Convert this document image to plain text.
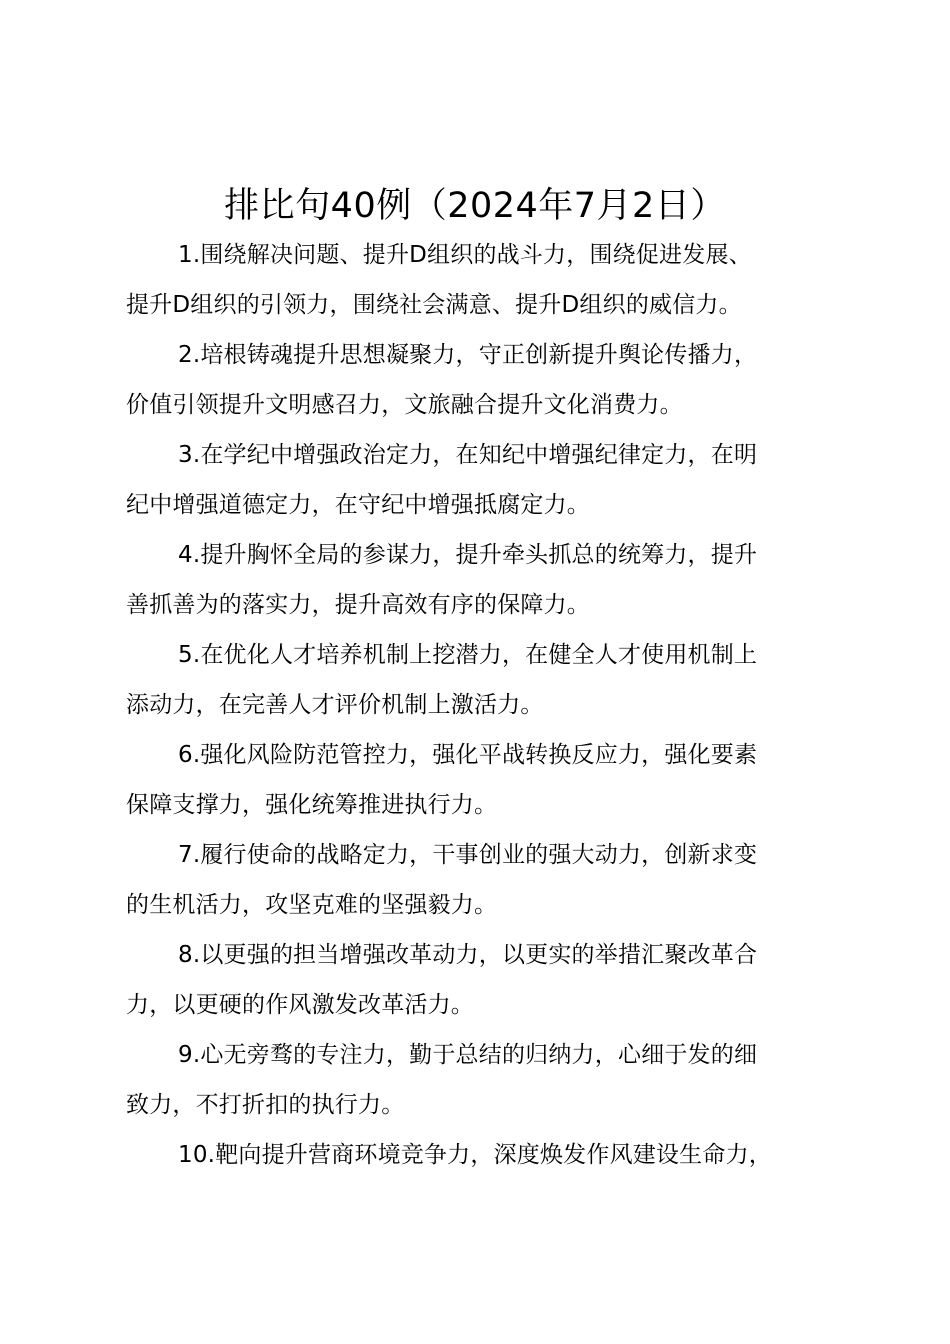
排比句40例（2024年7月2日）

1.围绕解决问题、提升D组织的战斗力，围绕促进发展、
提升D组织的引领力，围绕社会满意、提升D组织的威信力。

2.培根铸魂提升思想凝聚力，守正创新提升舆论传播力，
价值引领提升文明感召力，文旅融合提升文化消费力。

3.在学纪中增强政治定力，在知纪中增强纪律定力，在明
纪中增强道德定力，在守纪中增强抵腐定力。

4.提升胸怀全局的参谋力，提升牵头抓总的统筹力，提升
善抓善为的落实力，提升高效有序的保障力。

5.在优化人才培养机制上挖潜力，在健全人才使用机制上
添动力，在完善人才评价机制上激活力。

6.强化风险防范管控力，强化平战转换反应力，强化要素
保障支撑力，强化统筹推进执行力。

7.履行使命的战略定力，干事创业的强大动力，创新求变
的生机活力，攻坚克难的坚强毅力。

8.以更强的担当增强改革动力，以更实的举措汇聚改革合
力，以更硬的作风激发改革活力。

9.心无旁骛的专注力，勤于总结的归纳力，心细于发的细
致力，不打折扣的执行力。

10.靶向提升营商环境竞争力，深度焕发作风建设生命力，
